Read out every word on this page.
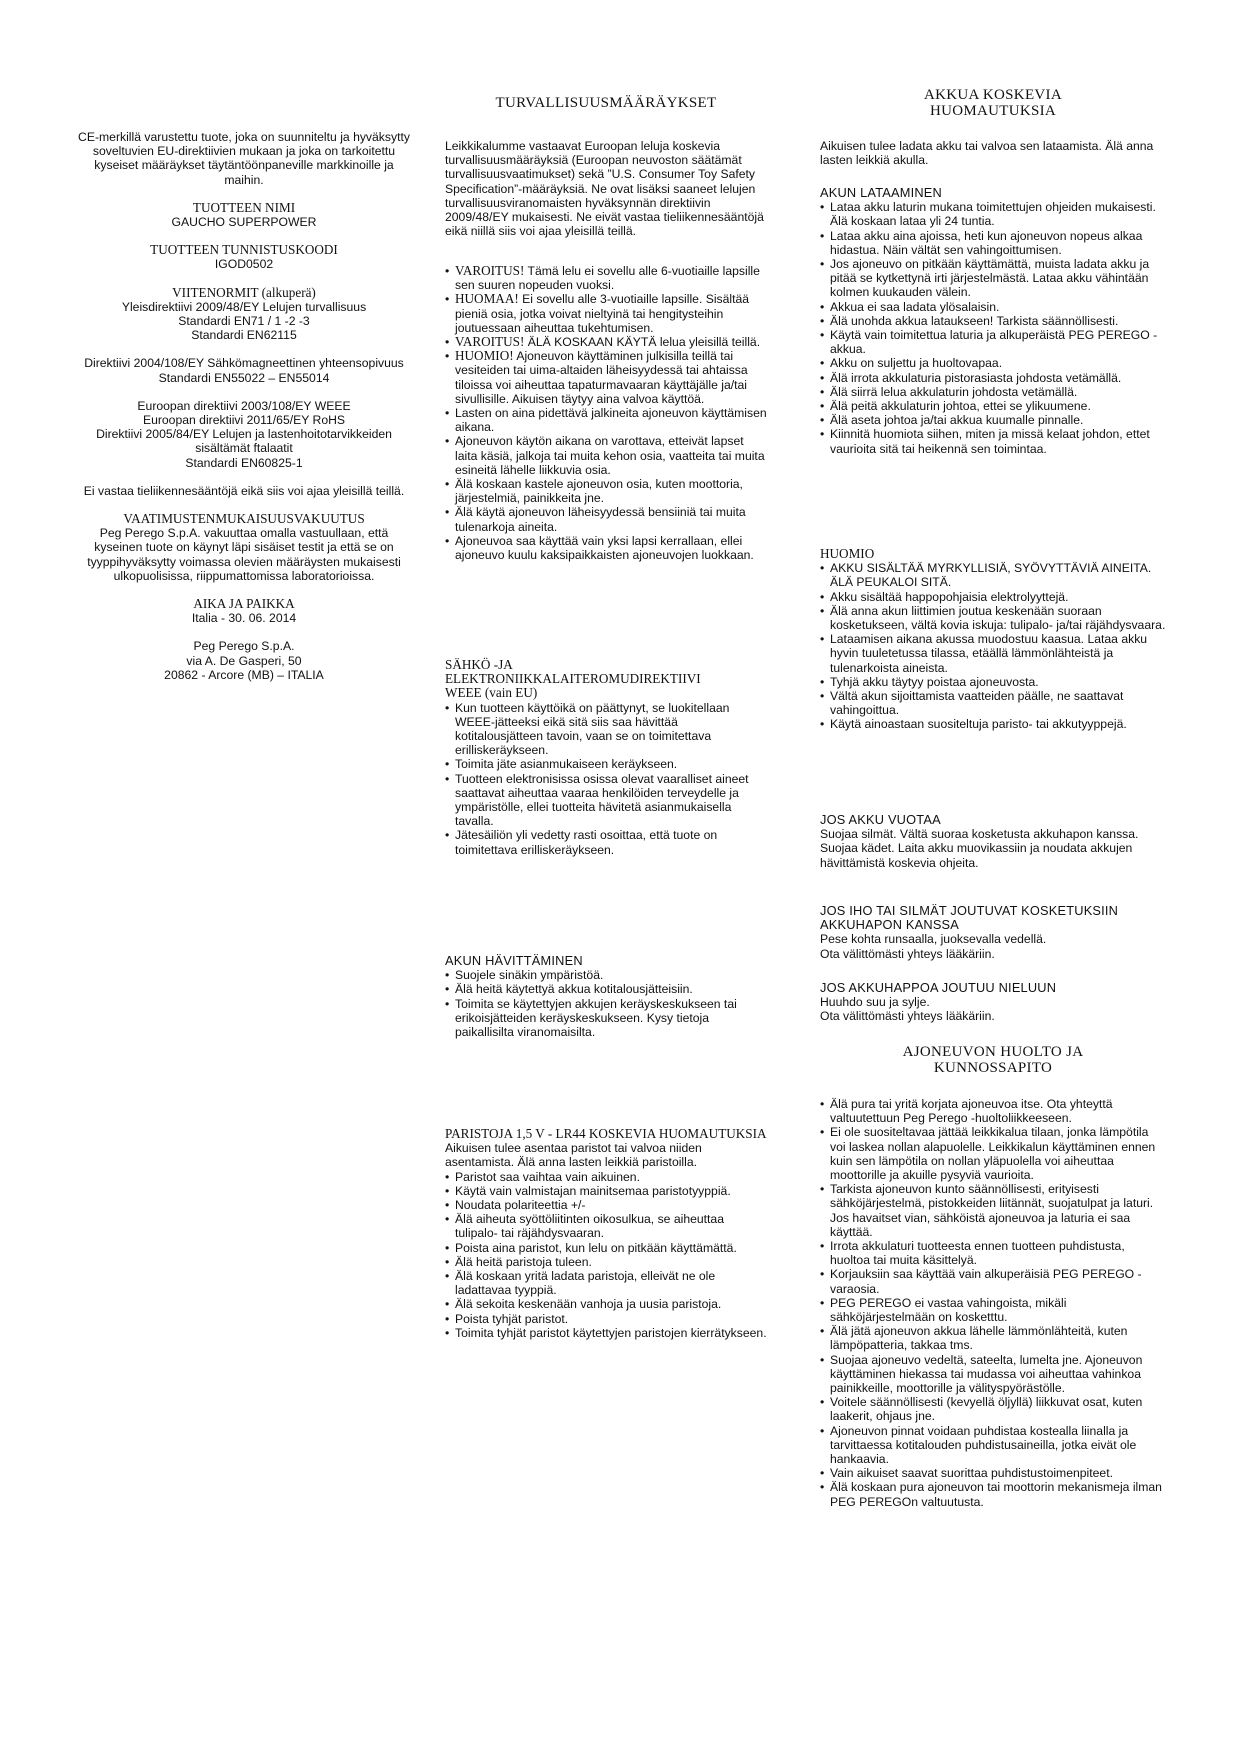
CE-merkillä varustettu tuote, joka on suunniteltu ja hyväksytty soveltuvien EU-direktiivien mukaan ja joka on tarkoitettu kyseiset määräykset täytäntöönpaneville markkinoille ja maihin.
TUOTTEEN NIMI
GAUCHO SUPERPOWER
TUOTTEEN TUNNISTUSKOODI
IGOD0502
VIITENORMIT (alkuperä)
Yleisdirektiivi 2009/48/EY Lelujen turvallisuus
Standardi EN71 / 1 -2 -3
Standardi EN62115
Direktiivi 2004/108/EY Sähkömagneettinen yhteensopivuus
Standardi EN55022 – EN55014
Euroopan direktiivi 2003/108/EY WEEE
Euroopan direktiivi 2011/65/EY RoHS
Direktiivi 2005/84/EY Lelujen ja lastenhoitotarvikkeiden sisältämät ftalaatit
Standardi EN60825-1
Ei vastaa tieliikennesääntöjä eikä siis voi ajaa yleisillä teillä.
VAATIMUSTENMUKAISUUSVAKUUTUS
Peg Perego S.p.A. vakuuttaa omalla vastuullaan, että kyseinen tuote on käynyt läpi sisäiset testit ja että se on tyyppihyväksytty voimassa olevien määräysten mukaisesti ulkopuolisissa, riippumattomissa laboratorioissa.
AIKA JA PAIKKA
Italia - 30. 06. 2014
Peg Perego S.p.A.
via A. De Gasperi, 50
20862 - Arcore (MB) – ITALIA
TURVALLISUUSMÄÄRÄYKSET

Leikkikalumme vastaavat Euroopan leluja koskevia turvallisuusmääräyksiä (Euroopan neuvoston säätämät turvallisuusvaatimukset) sekä ”U.S. Consumer Toy Safety Specification”-määräyksiä. Ne ovat lisäksi saaneet lelujen turvallisuusviranomaisten hyväksynnän direktiivin 2009/48/EY mukaisesti. Ne eivät vastaa tieliikennesääntöjä eikä niillä siis voi ajaa yleisillä teillä.

• VAROITUS! Tämä lelu ei sovellu alle 6-vuotiaille lapsille sen suuren nopeuden vuoksi.
• HUOMAA! Ei sovellu alle 3-vuotiaille lapsille. Sisältää pieniä osia, jotka voivat nieltyinä tai hengitysteihin joutuessaan aiheuttaa tukehtumisen.
• VAROITUS! ÄLÄ KOSKAAN KÄYTÄ lelua yleisillä teillä.
• HUOMIO! Ajoneuvon käyttäminen julkisilla teillä tai vesiteiden tai uima-altaiden läheisyydessä tai ahtaissa tiloissa voi aiheuttaa tapaturmavaaran käyttäjälle ja/tai sivullisille. Aikuisen täytyy aina valvoa käyttöä.
• Lasten on aina pidettävä jalkineita ajoneuvon käyttämisen aikana.
• Ajoneuvon käytön aikana on varottava, etteivät lapset laita käsiä, jalkoja tai muita kehon osia, vaatteita tai muita esineitä lähelle liikkuvia osia.
• Älä koskaan kastele ajoneuvon osia, kuten moottoria, järjestelmiä, painikkeita jne.
• Älä käytä ajoneuvon läheisyydessä bensiiniä tai muita tulenarkoja aineita.
• Ajoneuvoa saa käyttää vain yksi lapsi kerrallaan, ellei ajoneuvo kuulu kaksipaikkaisten ajoneuvojen luokkaan.
SÄHKÖ -JA ELEKTRONIIKKALAITEROMUDIREKTIIVI
WEEE (vain EU)
• Kun tuotteen käyttöikä on päättynyt, se luokitellaan WEEE-jätteeksi eikä sitä siis saa hävittää kotitalousjätteen tavoin, vaan se on toimitettava erilliskeräykseen.
• Toimita jäte asianmukaiseen keräykseen.
• Tuotteen elektronisissa osissa olevat vaaralliset aineet saattavat aiheuttaa vaaraa henkilöiden terveydelle ja ympäristölle, ellei tuotteita hävitetä asianmukaisella tavalla.
• Jätesäiliön yli vedetty rasti osoittaa, että tuote on toimitettava erilliskeräykseen.
AKUN HÄVITTÄMINEN
• Suojele sinäkin ympäristöä.
• Älä heitä käytettyä akkua kotitalousjätteisiin.
• Toimita se käytettyjen akkujen keräyskeskukseen tai erikoisjätteiden keräyskeskukseen. Kysy tietoja paikallisilta viranomaisilta.
PARISTOJA 1,5 V - LR44 KOSKEVIA HUOMAUTUKSIA

Aikuisen tulee asentaa paristot tai valvoa niiden asentamista. Älä anna lasten leikkiä paristoilla.

• Paristot saa vaihtaa vain aikuinen.
• Käytä vain valmistajan mainitsemaa paristotyyppiä.
• Noudata polariteettia +/-
• Älä aiheuta syöttöliitinten oikosulkua, se aiheuttaa tulipalo- tai räjähdysvaaran.
• Poista aina paristot, kun lelu on pitkään käyttämättä.
• Älä heitä paristoja tuleen.
• Älä koskaan yritä ladata paristoja, elleivät ne ole ladattavaa tyyppiä.
• Älä sekoita keskenään vanhoja ja uusia paristoja.
• Poista tyhjät paristot.
• Toimita tyhjät paristot käytettyjen paristojen kierrätykseen.
AKKUA KOSKEVIA
HUOMAUTUKSIA

Aikuisen tulee ladata akku tai valvoa sen lataamista. Älä anna lasten leikkiä akulla.

AKUN LATAAMINEN
• Lataa akku laturin mukana toimitettujen ohjeiden mukaisesti. Älä koskaan lataa yli 24 tuntia.
• Lataa akku aina ajoissa, heti kun ajoneuvon nopeus alkaa hidastua. Näin vältät sen vahingoittumisen.
• Jos ajoneuvo on pitkään käyttämättä, muista ladata akku ja pitää se kytkettynä irti järjestelmästä. Lataa akku vähintään kolmen kuukauden välein.
• Akkua ei saa ladata ylösalaisin.
• Älä unohda akkua lataukseen! Tarkista säännöllisesti.
• Käytä vain toimitettua laturia ja alkuperäistä PEG PEREGO -akkua.
• Akku on suljettu ja huoltovapaa.
• Älä irrota akkulaturia pistorasiasta johdosta vetämällä.
• Älä siirrä lelua akkulaturin johdosta vetämällä.
• Älä peitä akkulaturin johtoa, ettei se ylikuumene.
• Älä aseta johtoa ja/tai akkua kuumalle pinnalle.
• Kiinnitä huomiota siihen, miten ja missä kelaat johdon, ettet vaurioita sitä tai heikennä sen toimintaa.
HUOMIO
• AKKU SISÄLTÄÄ MYRKYLLISIÄ, SYÖVYTTÄVIÄ AINEITA. ÄLÄ PEUKALOI SITÄ.
• Akku sisältää happopohjaisia elektrolyyttejä.
• Älä anna akun liittimien joutua keskenään suoraan kosketukseen, vältä kovia iskuja: tulipalo- ja/tai räjähdysvaara.
• Lataamisen aikana akussa muodostuu kaasua. Lataa akku hyvin tuuletetussa tilassa, etäällä lämmönlähteistä ja tulenarkoista aineista.
• Tyhjä akku täytyy poistaa ajoneuvosta.
• Vältä akun sijoittamista vaatteiden päälle, ne saattavat vahingoittua.
• Käytä ainoastaan suositeltuja paristo- tai akkutyyppejä.
JOS AKKU VUOTAA

Suojaa silmät. Vältä suoraa kosketusta akkuhapon kanssa.

Suojaa kädet. Laita akku muovikassiin ja noudata akkujen hävittämistä koskevia ohjeita.

JOS IHO TAI SILMÄT JOUTUVAT KOSKETUKSIIN AKKUHAPON KANSSA

Pese kohta runsaalla, juoksevalla vedellä.

Ota välittömästi yhteys lääkäriin.

JOS AKKUHAPPOA JOUTUU NIELUUN

Huuhdo suu ja sylje.

Ota välittömästi yhteys lääkäriin.

AJONEUVON HUOLTO JA
KUNNOSSAPITO
• Älä pura tai yritä korjata ajoneuvoa itse. Ota yhteyttä valtuutettuun Peg Perego -huoltoliikkeeseen.
• Ei ole suositeltavaa jättää leikkikalua tilaan, jonka lämpötila voi laskea nollan alapuolelle. Leikkikalun käyttäminen ennen kuin sen lämpötila on nollan yläpuolella voi aiheuttaa moottorille ja akuille pysyviä vaurioita.
• Tarkista ajoneuvon kunto säännöllisesti, erityisesti sähköjärjestelmä, pistokkeiden liitännät, suojatulpat ja laturi. Jos havaitset vian, sähköistä ajoneuvoa ja laturia ei saa käyttää.
• Irrota akkulaturi tuotteesta ennen tuotteen puhdistusta, huoltoa tai muita käsittelyä.
• Korjauksiin saa käyttää vain alkuperäisiä PEG PEREGO -varaosia.
• PEG PEREGO ei vastaa vahingoista, mikäli sähköjärjestelmään on kosketttu.
• Älä jätä ajoneuvon akkua lähelle lämmönlähteitä, kuten lämpöpatteria, takkaa tms.
• Suojaa ajoneuvo vedeltä, sateelta, lumelta jne. Ajoneuvon käyttäminen hiekassa tai mudassa voi aiheuttaa vahinkoa painikkeille, moottorille ja välityspyörästölle.
• Voitele säännöllisesti (kevyellä öljyllä) liikkuvat osat, kuten laakerit, ohjaus jne.
• Ajoneuvon pinnat voidaan puhdistaa kostealla liinalla ja tarvittaessa kotitalouden puhdistusaineilla, jotka eivät ole hankaavia.
• Vain aikuiset saavat suorittaa puhdistustoimenpiteet.
• Älä koskaan pura ajoneuvon tai moottorin mekanismeja ilman PEG PEREGOn valtuutusta.
